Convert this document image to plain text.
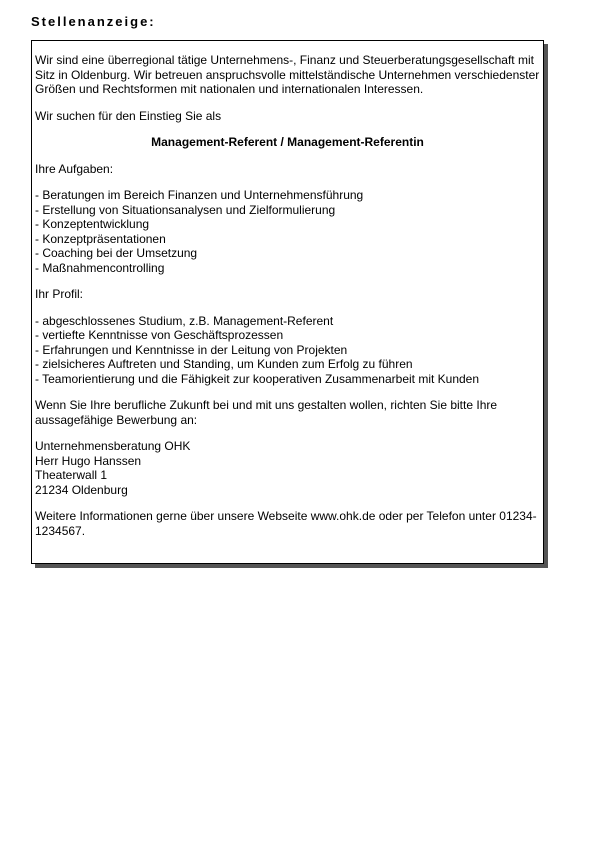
Stellenanzeige:

Wir sind eine überregional tätige Unternehmens-, Finanz und Steuerberatungsgesellschaft mit Sitz in Oldenburg. Wir betreuen anspruchsvolle mittelständische Unternehmen verschiedenster Größen und Rechtsformen mit nationalen und internationalen Interessen.

Wir suchen für den Einstieg Sie als

Management-Referent / Management-Referentin

Ihre Aufgaben:

- Beratungen im Bereich Finanzen und Unternehmensführung
- Erstellung von Situationsanalysen und Zielformulierung
- Konzeptentwicklung
- Konzeptpräsentationen
- Coaching bei der Umsetzung
- Maßnahmencontrolling

Ihr Profil:

- abgeschlossenes Studium, z.B. Management-Referent
- vertiefte Kenntnisse von Geschäftsprozessen
- Erfahrungen und Kenntnisse in der Leitung von Projekten
- zielsicheres Auftreten und Standing, um Kunden zum Erfolg zu führen
- Teamorientierung und die Fähigkeit zur kooperativen Zusammenarbeit mit Kunden

Wenn Sie Ihre berufliche Zukunft bei und mit uns gestalten wollen, richten Sie bitte Ihre aussagefähige Bewerbung an:

Unternehmensberatung OHK
Herr Hugo Hanssen
Theaterwall 1
21234 Oldenburg

Weitere Informationen gerne über unsere Webseite www.ohk.de oder per Telefon unter 01234-1234567.
